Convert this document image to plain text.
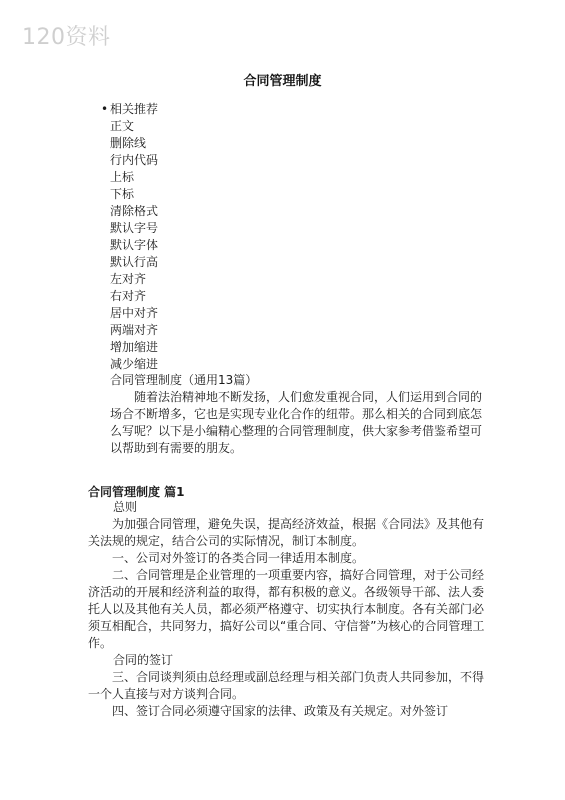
120资料
合同管理制度
• 相关推荐
正文
删除线
行内代码
上标
下标
清除格式
默认字号
默认字体
默认行高
左对齐
右对齐
居中对齐
两端对齐
增加缩进
减少缩进

合同管理制度（通用13篇）

随着法治精神地不断发扬，人们愈发重视合同，人们运用到合同的场合不断增多，它也是实现专业化合作的纽带。那么相关的合同到底怎么写呢？以下是小编精心整理的合同管理制度，供大家参考借鉴希望可以帮助到有需要的朋友。

合同管理制度 篇1

总则

为加强合同管理，避免失误，提高经济效益，根据《合同法》及其他有关法规的规定，结合公司的实际情况，制订本制度。

一、公司对外签订的各类合同一律适用本制度。

二、合同管理是企业管理的一项重要内容，搞好合同管理，对于公司经济活动的开展和经济利益的取得，都有积极的意义。各级领导干部、法人委托人以及其他有关人员，都必须严格遵守、切实执行本制度。各有关部门必须互相配合，共同努力，搞好公司以“重合同、守信誉”为核心的合同管理工作。

合同的签订

三、合同谈判须由总经理或副总经理与相关部门负责人共同参加，不得一个人直接与对方谈判合同。

四、签订合同必须遵守国家的法律、政策及有关规定。对外签订
